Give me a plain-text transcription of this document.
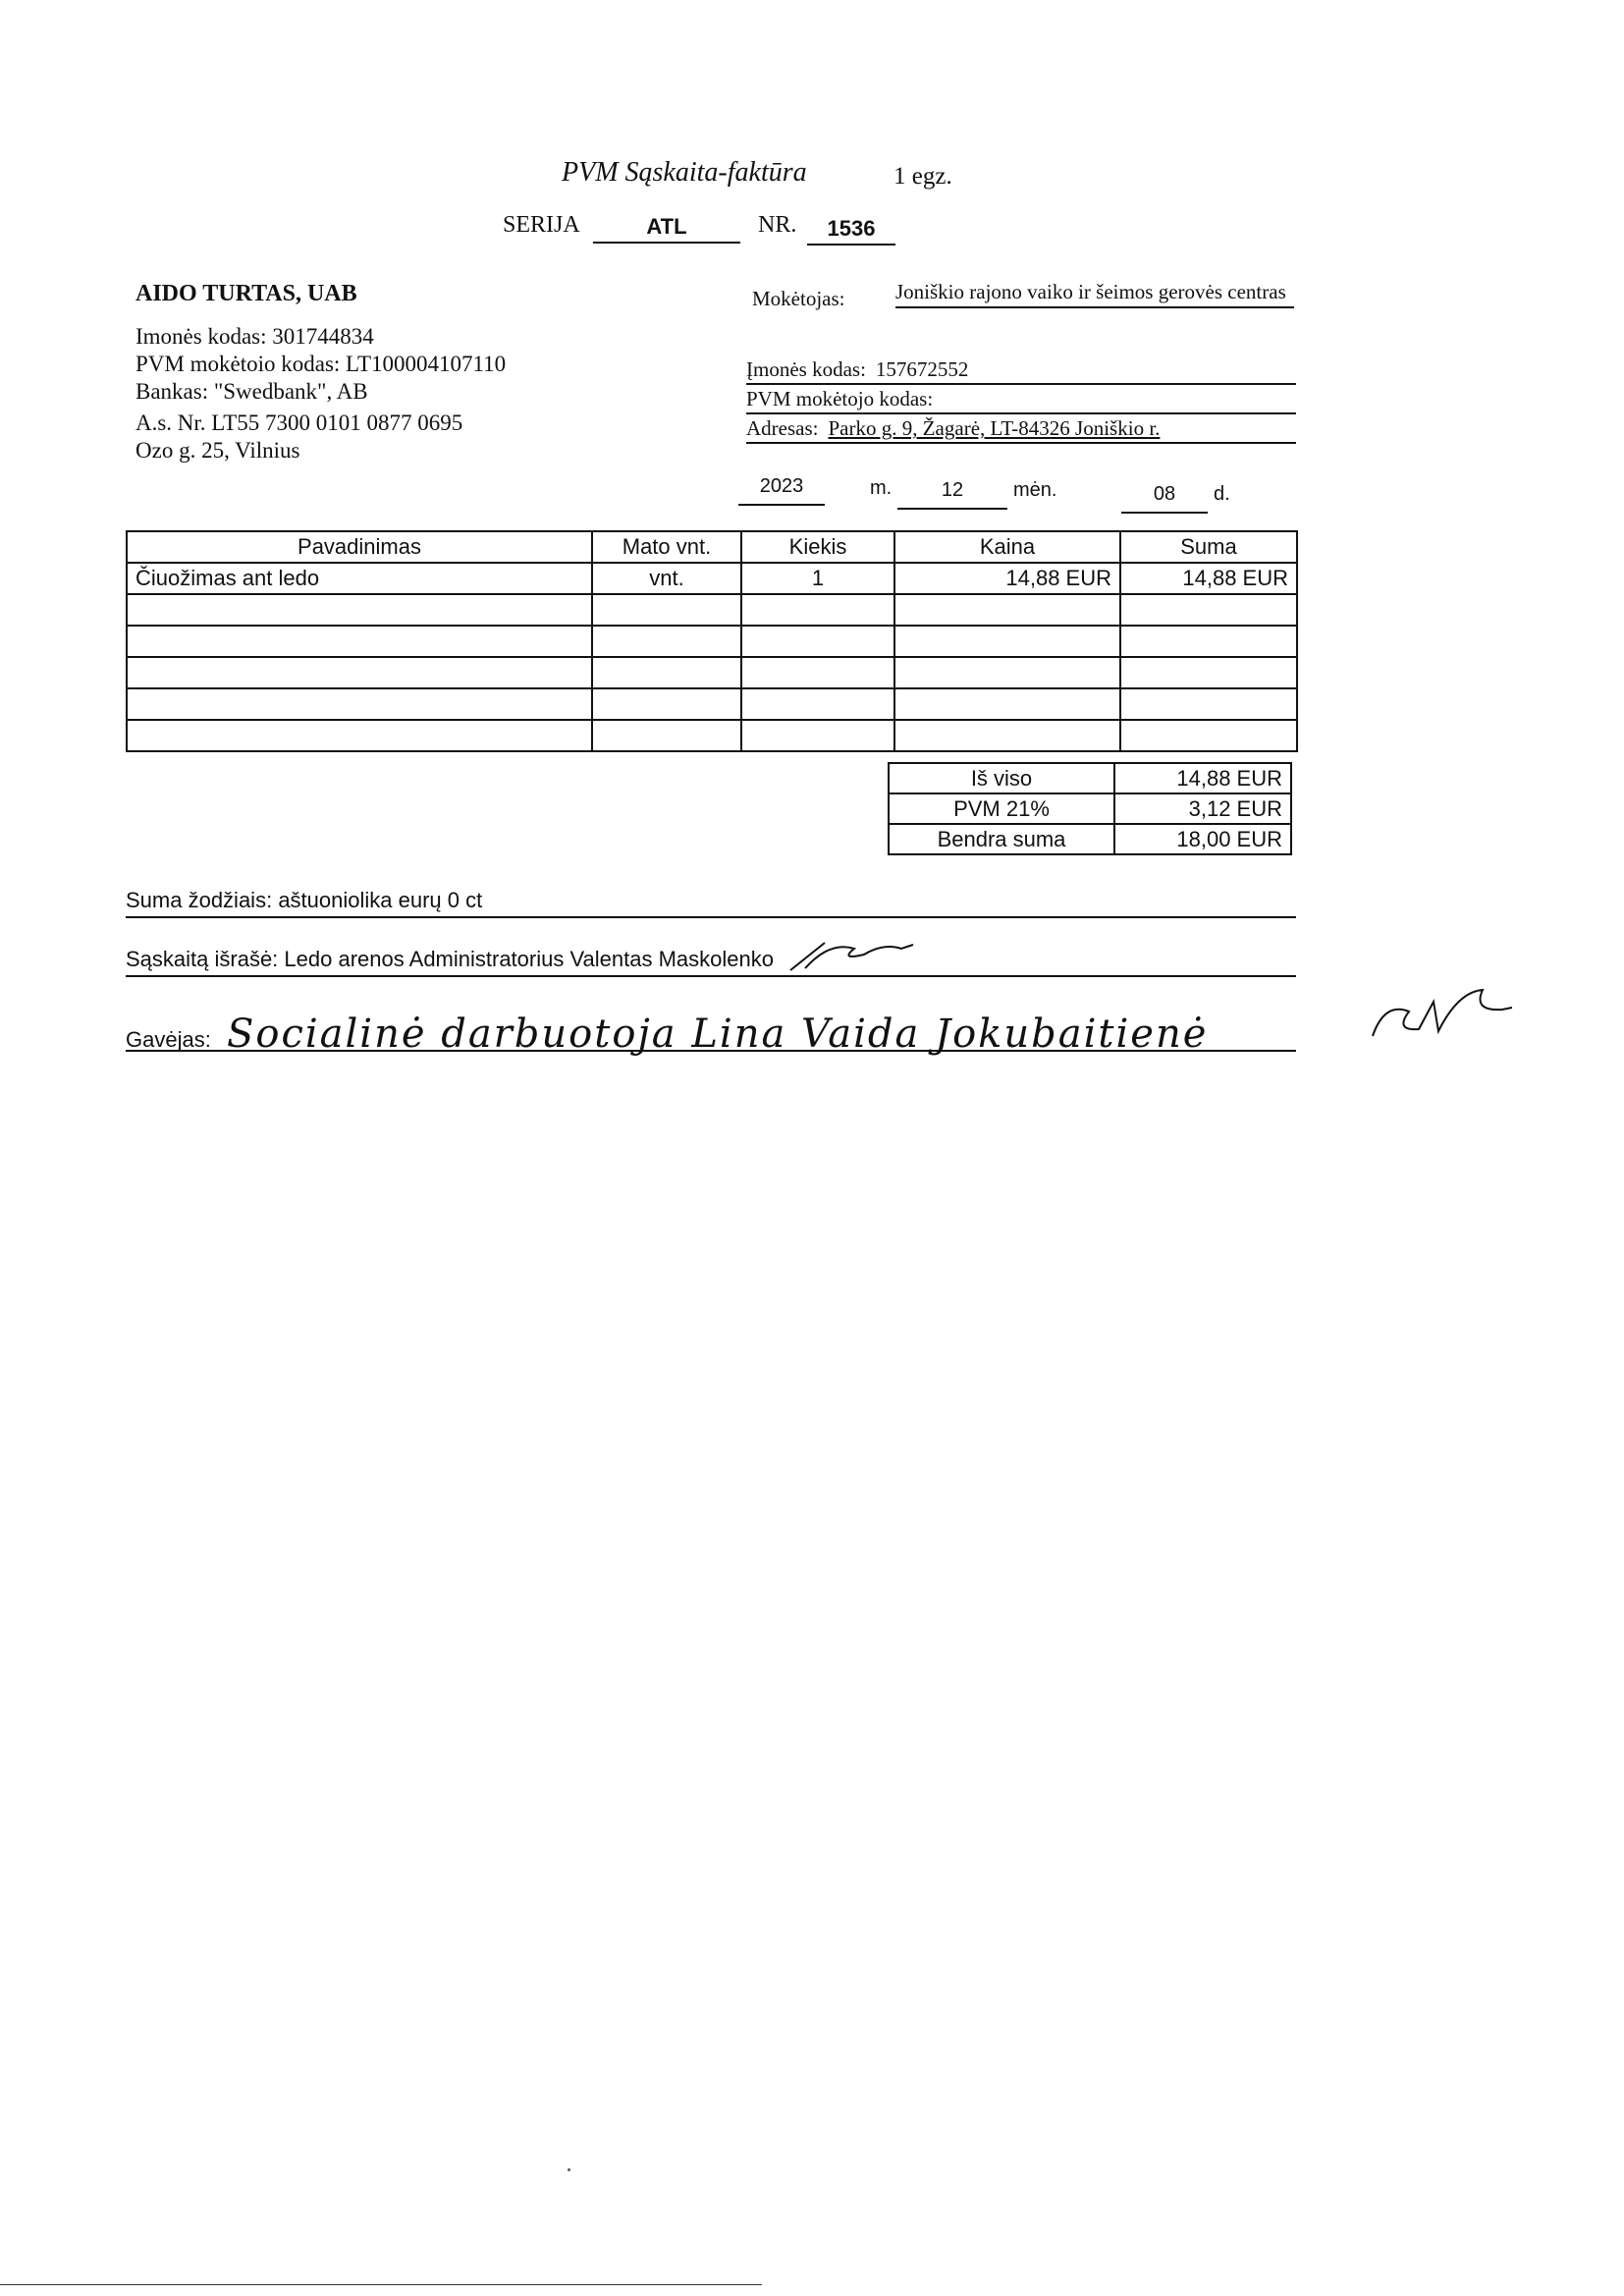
PVM Sąskaita-faktūra	1 egz.
SERIJA	ATL	NR.	1536
AIDO TURTAS, UAB
Imonės kodas: 301744834
PVM mokėtoio kodas: LT100004107110
Bankas: "Swedbank", AB
A.s. Nr. LT55 7300 0101 0877 0695
Ozo g. 25, Vilnius
Mokėtojas: Joniškio rajono vaiko ir šeimos gerovės centras
Įmonės kodas: 157672552
PVM mokėtojo kodas:
Adresas: Parko g. 9, Žagarė, LT-84326 Joniškio r.
2023	m.	12	mėn.	08	d.
Pavadinimas	Mato vnt.	Kiekis	Kaina	Suma
Čiuožimas ant ledo	vnt.	1	14,88 EUR	14,88 EUR

Iš viso	14,88 EUR
PVM 21%	3,12 EUR
Bendra suma	18,00 EUR
Suma žodžiais: aštuoniolika eurų 0 ct
Sąskaitą išrašė: Ledo arenos Administratorius Valentas Maskolenko
Gavėjas: Socialinė darbuotoja Lina Vaida Jokubaitienė
